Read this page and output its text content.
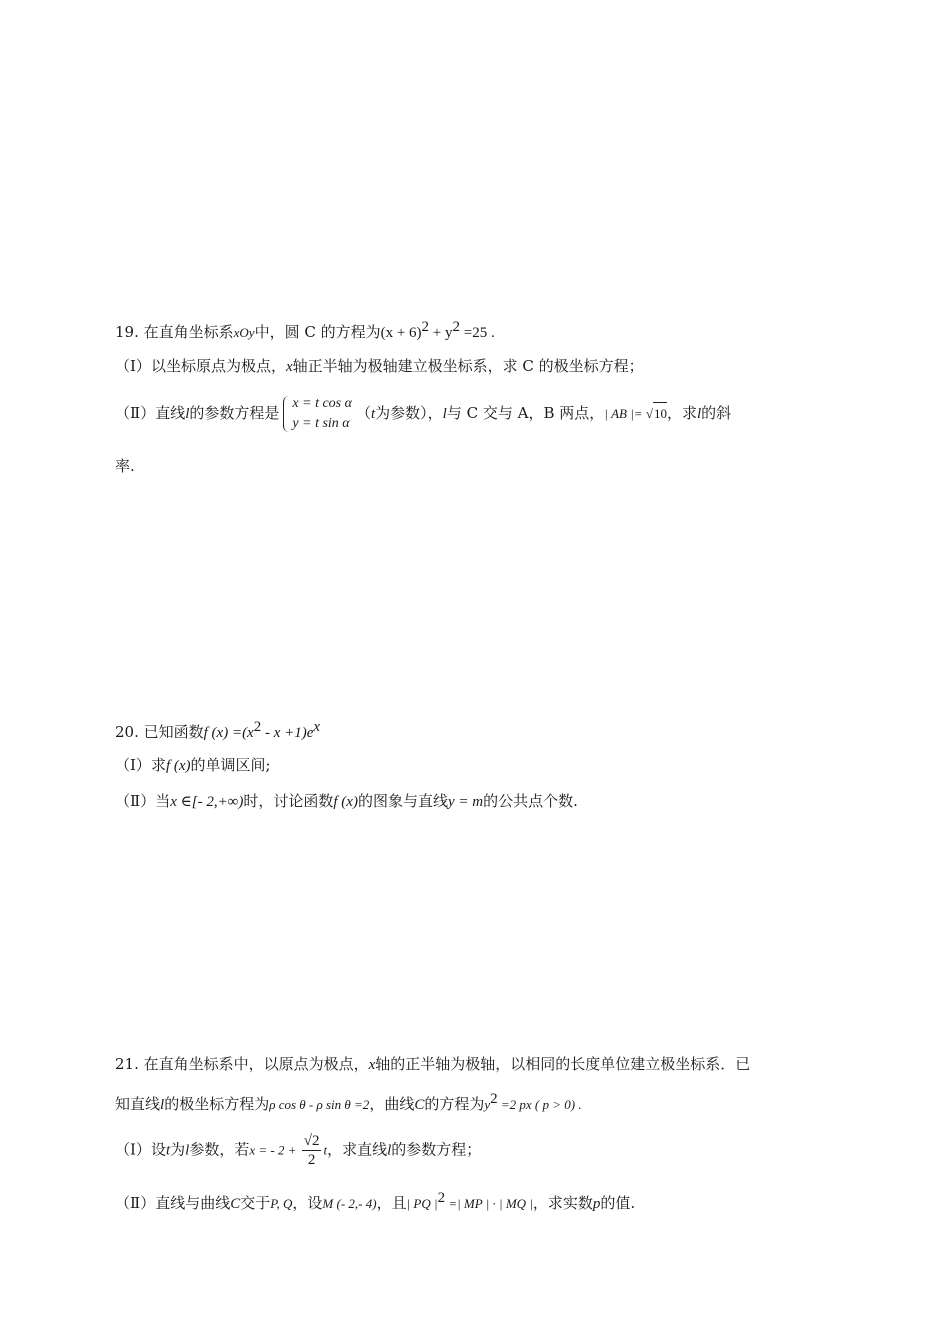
19. 在直角坐标系xOy中，圆 C 的方程为$(x + 6)^2 + y^2 =25$ .
（Ⅰ）以坐标原点为极点，x轴正半轴为极轴建立极坐标系，求 C 的极坐标方程；
（Ⅱ）直线l的参数方程是
x = t cos α
y = t sin α
（t为参数），l与 C 交与 A，B 两点，| AB |= √10，求l的斜
率.
20. 已知函数f $(x) =(x^2 - x +1)e^x$
（Ⅰ）求f (x)的单调区间;
（Ⅱ）当x ∈[- 2,+∞)时，讨论函数f (x)的图象与直线y = m的公共点个数.
21. 在直角坐标系中，以原点为极点，x轴的正半轴为极轴，以相同的长度单位建立极坐标系．已
知直线l的极坐标方程为ρ cos θ - ρ sin θ =2，曲线C的方程为$y^2 =2$ px ( p > 0) .
（Ⅰ）设t为l参数，若x = - $2 + \frac{√2}{2}$ t，求直线l的参数方程；
（Ⅱ）直线与曲线C交于P, Q，设M (- 2,- 4)，且| PQ $|^2$ =| MP | · | MQ |，求实数p的值.
